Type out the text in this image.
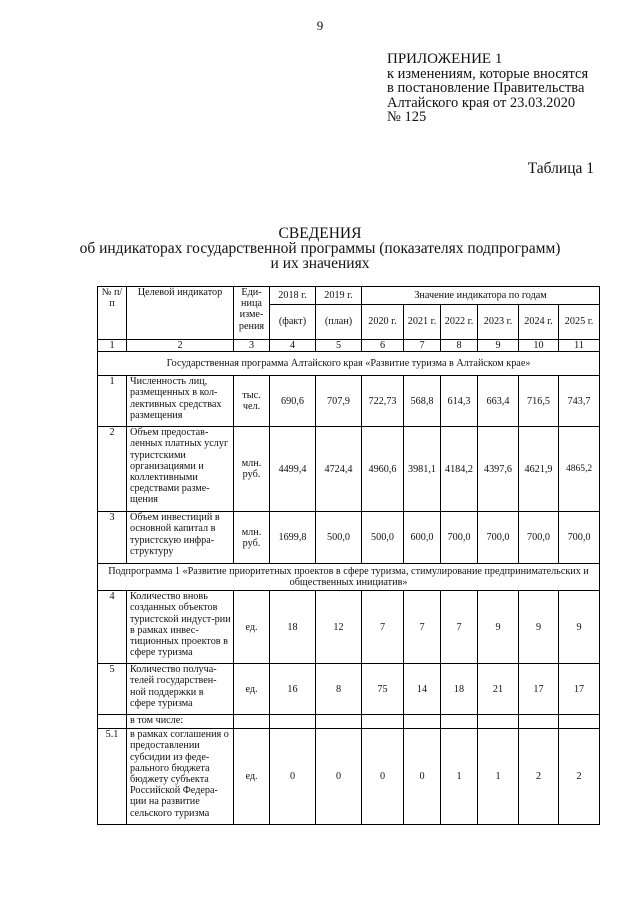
9
ПРИЛОЖЕНИЕ 1
к изменениям, которые вносятся
в постановление Правительства
Алтайского края от 23.03.2020
№ 125
Таблица 1
СВЕДЕНИЯ
об индикаторах государственной программы (показателях подпрограмм)
и их значениях
№ п/п	Целевой индикатор	Еди-ница изме-рения	2018 г.	2019 г.	Значение индикатора по годам					
			(факт)	(план)	2020 г.	2021 г.	2022 г.	2023 г.	2024 г.	2025 г.
1	2	3	4	5	6	7	8	9	10	11
Государственная программа Алтайского края «Развитие туризма в Алтайском крае»										
1	Численность лиц, размещенных в кол-лективных средствах размещения	тыс. чел.	690,6	707,9	722,73	568,8	614,3	663,4	716,5	743,7
2	Объем предостав-ленных платных услуг туристскими организациями и коллективными средствами разме-щения	млн. руб.	4499,4	4724,4	4960,6	3981,1	4184,2	4397,6	4621,9	4865,2
3	Объем инвестиций в основной капитал в туристскую инфра-структуру	млн. руб.	1699,8	500,0	500,0	600,0	700,0	700,0	700,0	700,0
Подпрограмма 1 «Развитие приоритетных проектов в сфере туризма, стимулирование предпринимательских и общественных инициатив»										
4	Количество вновь созданных объектов туристской индуст-рии в рамках инвес-тиционных проектов в сфере туризма	ед.	18	12	7	7	7	9	9	9
5	Количество получа-телей государствен-ной поддержки в сфере туризма	ед.	16	8	75	14	18	21	17	17
	в том числе:									
5.1	в рамках соглашения о предоставлении субсидии из феде-рального бюджета бюджету субъекта Российской Федера-ции на развитие сельского туризма	ед.	0	0	0	0	1	1	2	2
